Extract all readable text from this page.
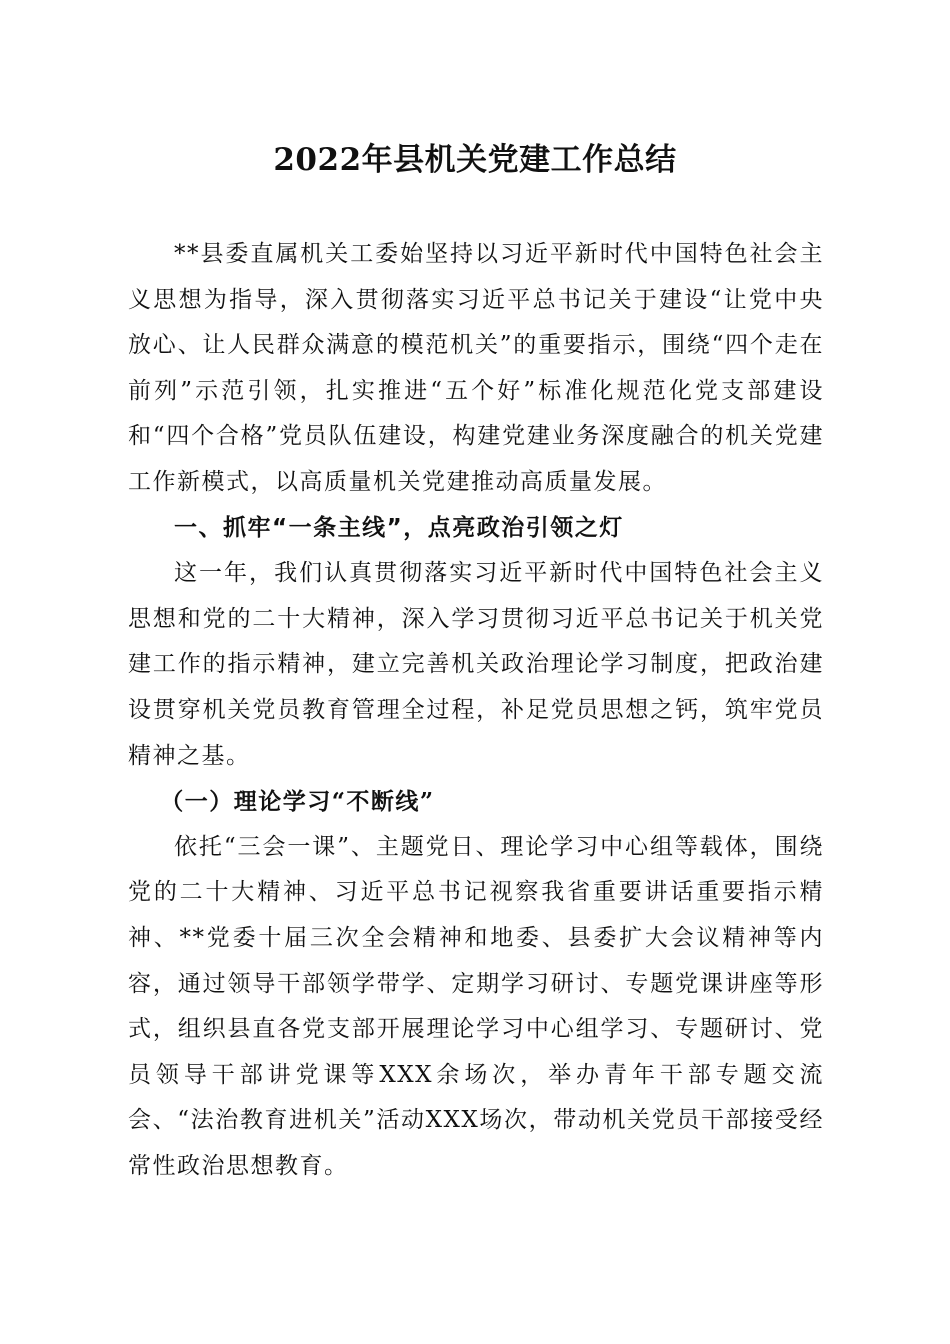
2022年县机关党建工作总结

**县委直属机关工委始坚持以习近平新时代中国特色社会主义思想为指导，深入贯彻落实习近平总书记关于建设“让党中央放心、让人民群众满意的模范机关”的重要指示，围绕“四个走在前列”示范引领，扎实推进“五个好”标准化规范化党支部建设和“四个合格”党员队伍建设，构建党建业务深度融合的机关党建工作新模式，以高质量机关党建推动高质量发展。

一、抓牢“一条主线”，点亮政治引领之灯

这一年，我们认真贯彻落实习近平新时代中国特色社会主义思想和党的二十大精神，深入学习贯彻习近平总书记关于机关党建工作的指示精神，建立完善机关政治理论学习制度，把政治建设贯穿机关党员教育管理全过程，补足党员思想之钙，筑牢党员精神之基。

（一）理论学习“不断线”

依托“三会一课”、主题党日、理论学习中心组等载体，围绕党的二十大精神、习近平总书记视察我省重要讲话重要指示精神、**党委十届三次全会精神和地委、县委扩大会议精神等内容，通过领导干部领学带学、定期学习研讨、专题党课讲座等形式，组织县直各党支部开展理论学习中心组学习、专题研讨、党员领导干部讲党课等XXX余场次，举办青年干部专题交流会、“法治教育进机关”活动XXX场次，带动机关党员干部接受经常性政治思想教育。
